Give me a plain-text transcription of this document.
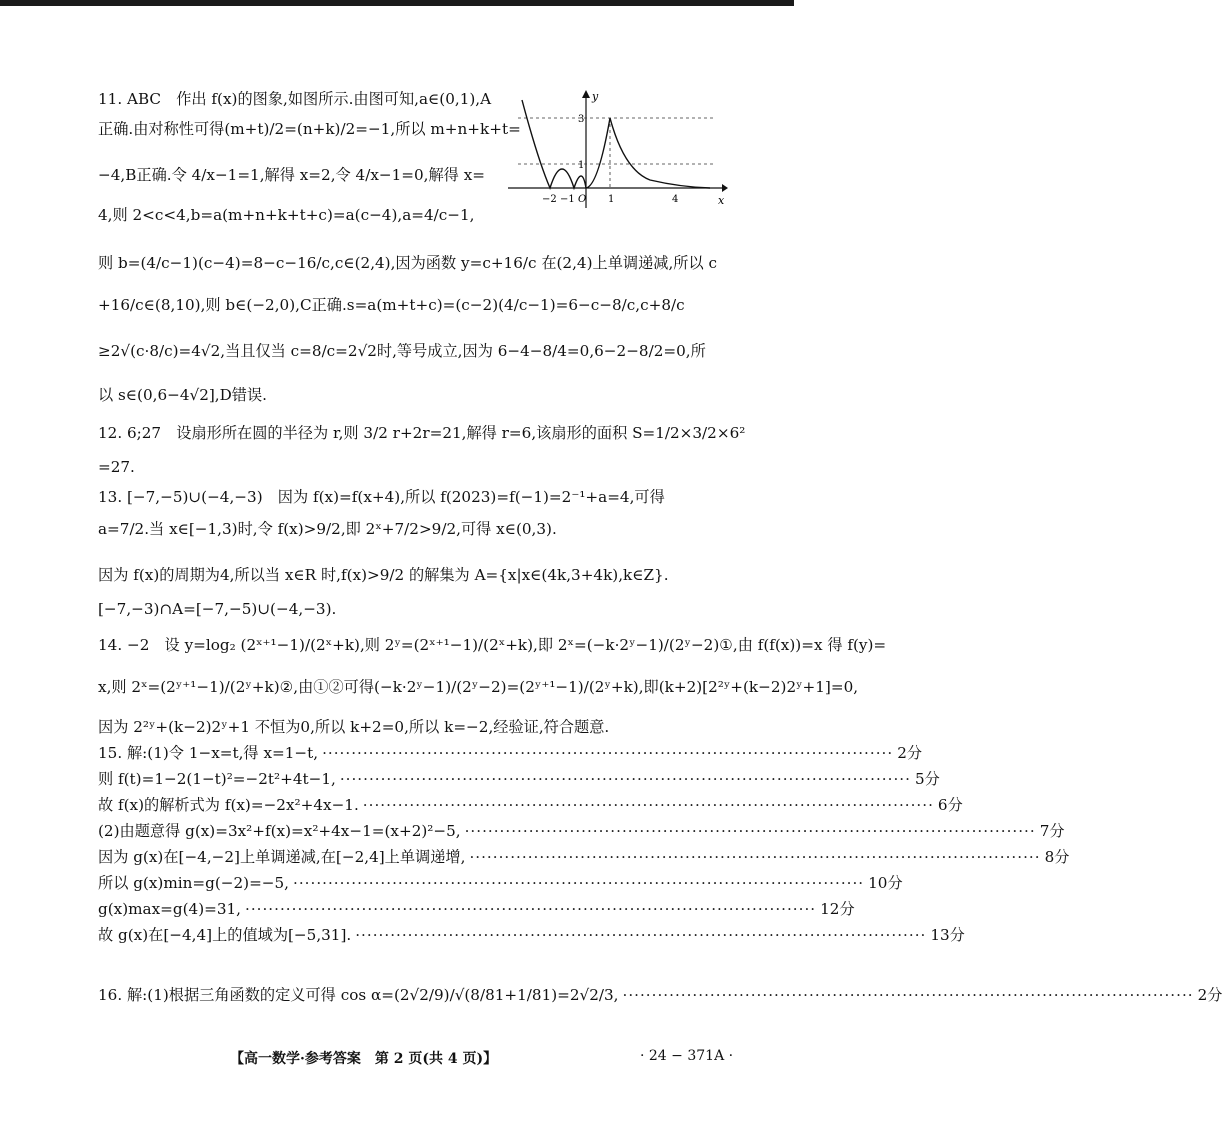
11. ABC　作出 f(x)的图象,如图所示.由图可知,a∈(0,1),A
正确.由对称性可得(m+t)/2=(n+k)/2=−1,所以 m+n+k+t=
−4,B正确.令 4/x−1=1,解得 x=2,令 4/x−1=0,解得 x=
4,则 2<c<4,b=a(m+n+k+t+c)=a(c−4),a=4/c−1,
则 b=(4/c−1)(c−4)=8−c−16/c,c∈(2,4),因为函数 y=c+16/c 在(2,4)上单调递减,所以 c
+16/c∈(8,10),则 b∈(−2,0),C正确.s=a(m+t+c)=(c−2)(4/c−1)=6−c−8/c,c+8/c
≥2√(c·8/c)=4√2,当且仅当 c=8/c=2√2时,等号成立,因为 6−4−8/4=0,6−2−8/2=0,所
以 s∈(0,6−4√2],D错误.
12. 6;27　设扇形所在圆的半径为 r,则 3/2 r+2r=21,解得 r=6,该扇形的面积 S=1/2×3/2×6²
=27.
13. [−7,−5)∪(−4,−3)　因为 f(x)=f(x+4),所以 f(2023)=f(−1)=2⁻¹+a=4,可得
a=7/2.当 x∈[−1,3)时,令 f(x)>9/2,即 2ˣ+7/2>9/2,可得 x∈(0,3).
因为 f(x)的周期为4,所以当 x∈R 时,f(x)>9/2 的解集为 A={x|x∈(4k,3+4k),k∈Z}.
[−7,−3)∩A=[−7,−5)∪(−4,−3).
14. −2　设 y=log₂ (2ˣ⁺¹−1)/(2ˣ+k),则 2ʸ=(2ˣ⁺¹−1)/(2ˣ+k),即 2ˣ=(−k·2ʸ−1)/(2ʸ−2)①,由 f(f(x))=x 得 f(y)=
x,则 2ˣ=(2ʸ⁺¹−1)/(2ʸ+k)②,由①②可得(−k·2ʸ−1)/(2ʸ−2)=(2ʸ⁺¹−1)/(2ʸ+k),即(k+2)[2²ʸ+(k−2)2ʸ+1]=0,
因为 2²ʸ+(k−2)2ʸ+1 不恒为0,所以 k+2=0,所以 k=−2,经验证,符合题意.
15. 解:(1)令 1−x=t,得 x=1−t, ·································································································· 2分
则 f(t)=1−2(1−t)²=−2t²+4t−1, ·································································································· 5分
故 f(x)的解析式为 f(x)=−2x²+4x−1. ·································································································· 6分
(2)由题意得 g(x)=3x²+f(x)=x²+4x−1=(x+2)²−5, ·································································································· 7分
因为 g(x)在[−4,−2]上单调递减,在[−2,4]上单调递增, ·································································································· 8分
所以 g(x)min=g(−2)=−5, ·································································································· 10分
g(x)max=g(4)=31, ·································································································· 12分
故 g(x)在[−4,4]上的值域为[−5,31]. ·································································································· 13分
16. 解:(1)根据三角函数的定义可得 cos α=(2√2/9)/√(8/81+1/81)=2√2/3, ·································································································· 2分
y
x
O
−2 −1	1	4
1
3
【高一数学·参考答案　第 2 页(共 4 页)】	· 24 − 371A ·
